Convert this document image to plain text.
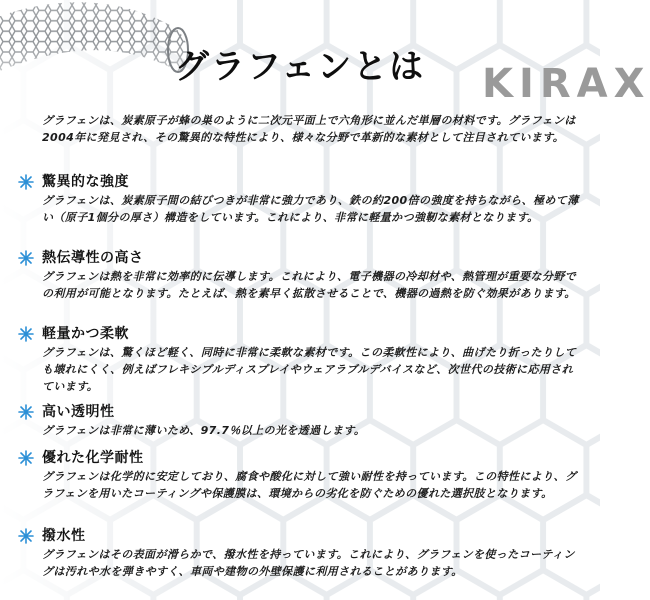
グラフェンとは	KIRAX

グラフェンは、炭素原子が蜂の巣のように二次元平面上で六角形に並んだ単層の材料です。グラフェンは2004年に発見され、その驚異的な特性により、様々な分野で革新的な素材として注目されています。

驚異的な強度

グラフェンは、炭素原子間の結びつきが非常に強力であり、鉄の約200倍の強度を持ちながら、極めて薄い（原子1個分の厚さ）構造をしています。これにより、非常に軽量かつ強靭な素材となります。

熱伝導性の高さ

グラフェンは熱を非常に効率的に伝導します。これにより、電子機器の冷却材や、熱管理が重要な分野での利用が可能となります。たとえば、熱を素早く拡散させることで、機器の過熱を防ぐ効果があります。

軽量かつ柔軟

グラフェンは、驚くほど軽く、同時に非常に柔軟な素材です。この柔軟性により、曲げたり折ったりしても壊れにくく、例えばフレキシブルディスプレイやウェアラブルデバイスなど、次世代の技術に応用されています。

高い透明性

グラフェンは非常に薄いため、97.7％以上の光を透過します。

優れた化学耐性

グラフェンは化学的に安定しており、腐食や酸化に対して強い耐性を持っています。この特性により、グラフェンを用いたコーティングや保護膜は、環境からの劣化を防ぐための優れた選択肢となります。

撥水性

グラフェンはその表面が滑らかで、撥水性を持っています。これにより、グラフェンを使ったコーティングは汚れや水を弾きやすく、車両や建物の外壁保護に利用されることがあります。
